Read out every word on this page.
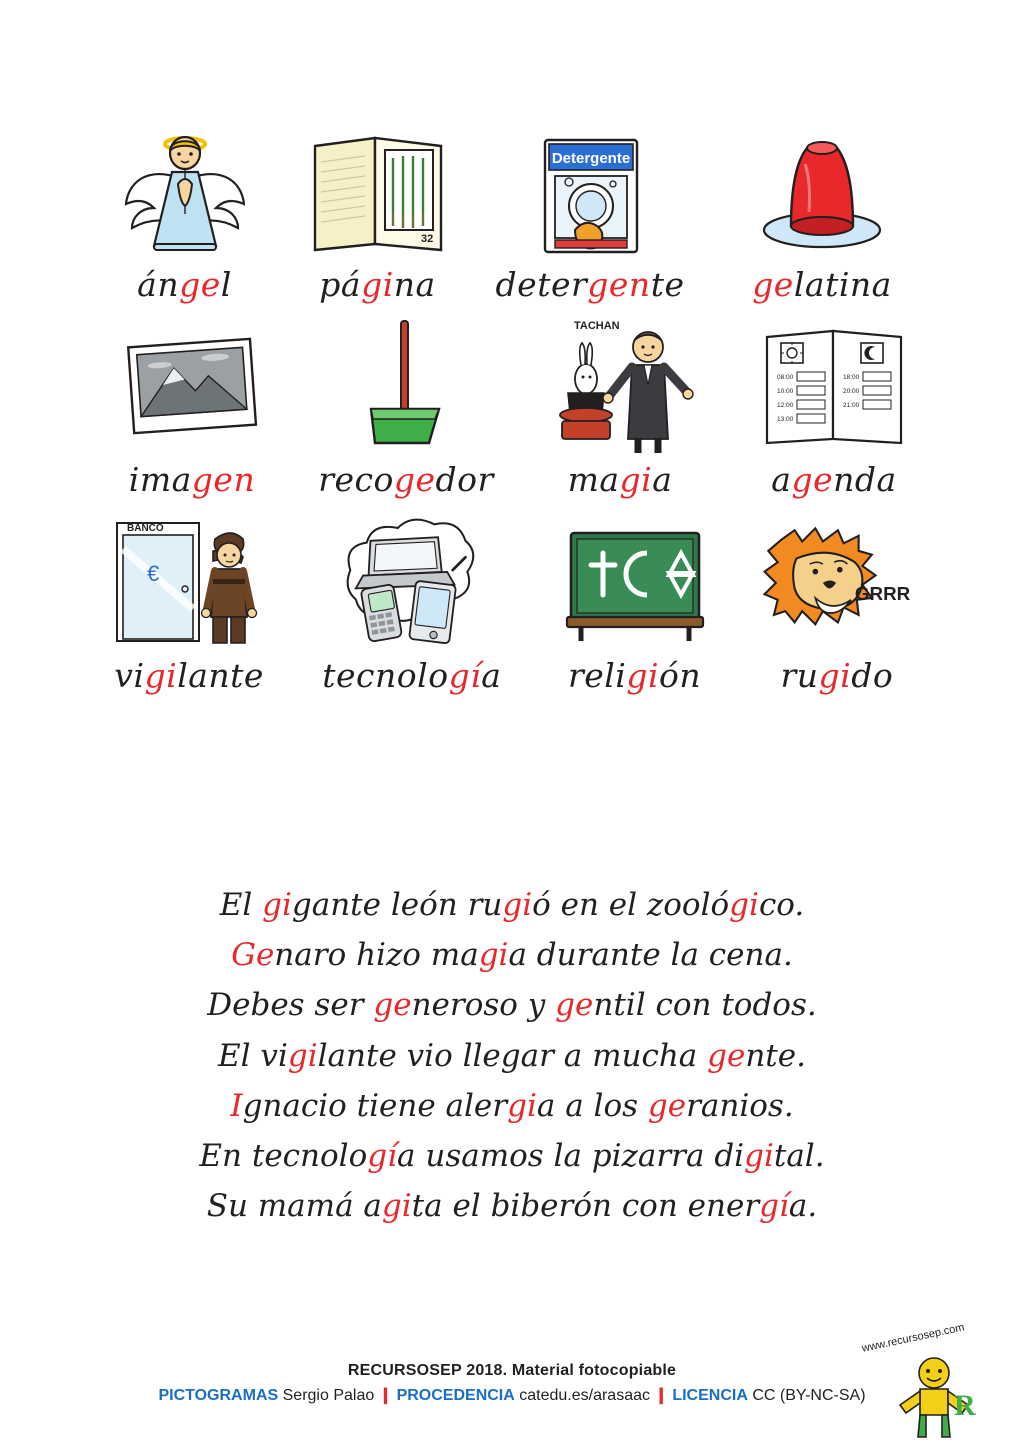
ángel
32
página
Detergente
detergente gelatina
imagen recogedor
TACHAN
magia
08:00
10:00
12:00
13:00
18:00
20:00
21:00
agenda
BANCO
€
vigilante tecnología religión
GRRR
rugido
El gigante león rugió en el zoológico.
Genaro hizo magia durante la cena.
Debes ser generoso y gentil con todos.
El vigilante vio llegar a mucha gente.
Ignacio tiene alergia a los geranios.
En tecnología usamos la pizarra digital.
Su mamá agita el biberón con energía.
RECURSOSEP 2018. Material fotocopiable
PICTOGRAMAS Sergio Palao ❙ PROCEDENCIA catedu.es/arasaac ❙ LICENCIA CC (BY-NC-SA)
www.recursosep.com
R
